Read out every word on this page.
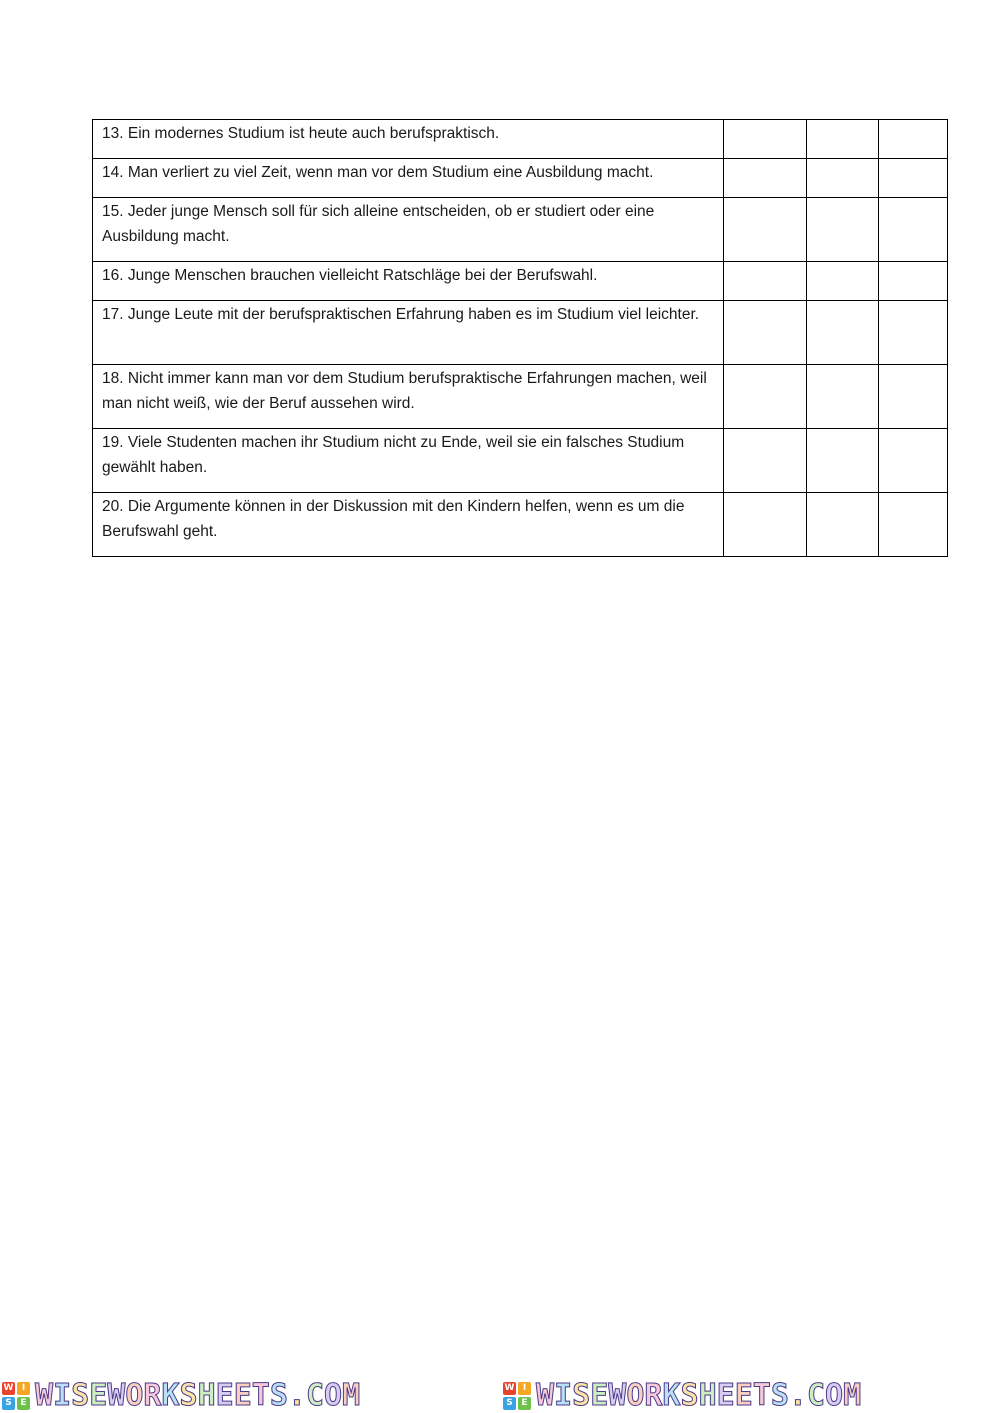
13. Ein modernes Studium ist heute auch berufspraktisch.			

14. Man verliert zu viel Zeit, wenn man vor dem Studium eine Ausbildung macht.			

15. Jeder junge Mensch soll für sich alleine entscheiden, ob er studiert oder eine Ausbildung macht.			

16. Junge Menschen brauchen vielleicht Ratschläge bei der Berufswahl.			

17. Junge Leute mit der berufspraktischen Erfahrung haben es im Studium viel leichter.			

18. Nicht immer kann man vor dem Studium berufspraktische Erfahrungen machen, weil man nicht weiß, wie der Beruf aussehen wird.			

19. Viele Studenten machen ihr Studium nicht zu Ende, weil sie ein falsches Studium gewählt haben.			

20. Die Argumente können in der Diskussion mit den Kindern helfen, wenn es um die Berufswahl geht.			

W I
S E W I S E W O R K S H E E T S . C O M	W I
S E W I S E W O R K S H E E T S . C O M
